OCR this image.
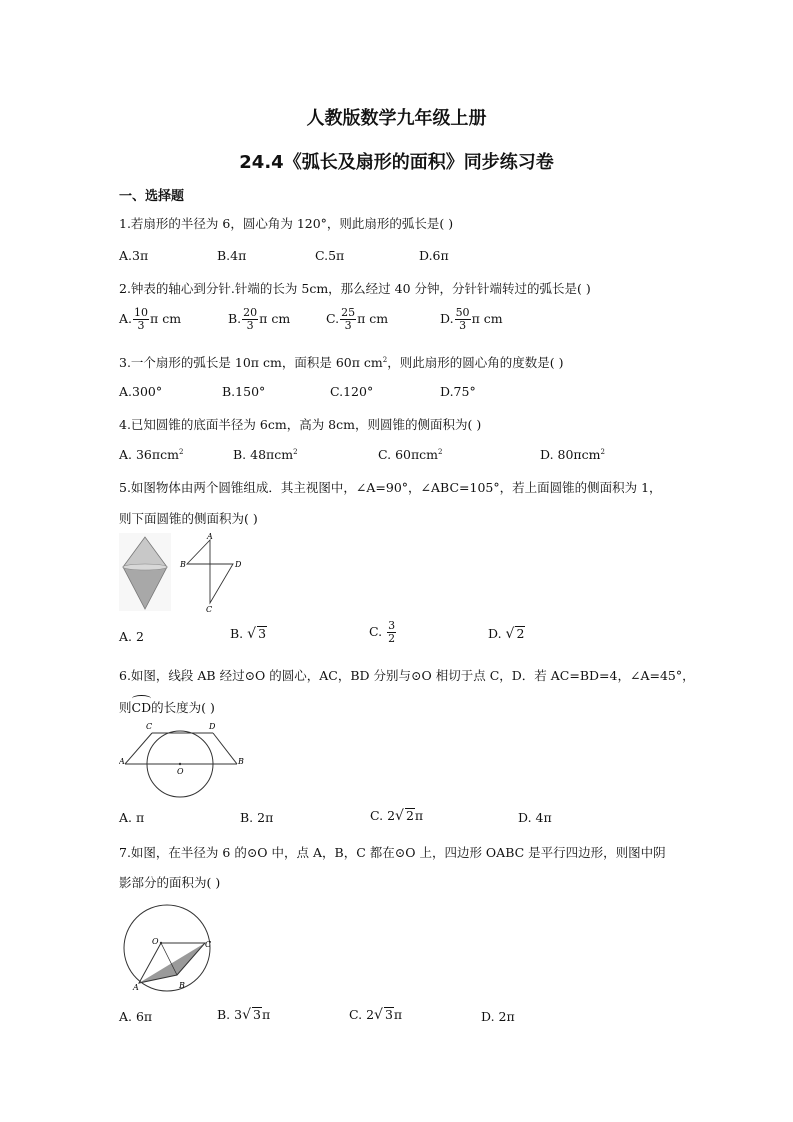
人教版数学九年级上册
24.4《弧长及扇形的面积》同步练习卷
一、选择题
1.若扇形的半径为 6，圆心角为 120°，则此扇形的弧长是( )
A.3π	B.4π	C.5π	D.6π
2.钟表的轴心到分针.针端的长为 5cm，那么经过 40 分钟，分针针端转过的弧长是( )
A. $\frac{10}{3}$ π cm	B. $\frac{20}{3}$ π cm	C. $\frac{25}{3}$ π cm	D. $\frac{50}{3}$ π cm
3.一个扇形的弧长是 10π cm，面积是 60π $cm^2$，则此扇形的圆心角的度数是( )
A.300°	B.150°	C.120°	D.75°
4.已知圆锥的底面半径为 6cm，高为 8cm，则圆锥的侧面积为( )
A. 36πcm$^2$	B. 48πcm$^2$	C. 60πcm$^2$	D. 80πcm$^2$
5.如图物体由两个圆锥组成．其主视图中，∠A=90°，∠ABC=105°，若上面圆锥的侧面积为 1，
则下面圆锥的侧面积为( )
A
B	D
C
A. 2	B. √ 3	C. $\frac{3}{2}$	D. √ 2
6.如图，线段 AB 经过⊙O 的圆心，AC，BD 分别与⊙O 相切于点 C，D．若 AC=BD=4，∠A=45°，
则CD的长度为( )
C	D
A	B
O
A. π	B. 2π	C. 2√ 2π	D. 4π
7.如图，在半径为 6 的⊙O 中，点 A，B，C 都在⊙O 上，四边形 OABC 是平行四边形，则图中阴
影部分的面积为( )
O	C
A	B
A. 6π	B. 3√ 3π	C. 2√ 3π	D. 2π
